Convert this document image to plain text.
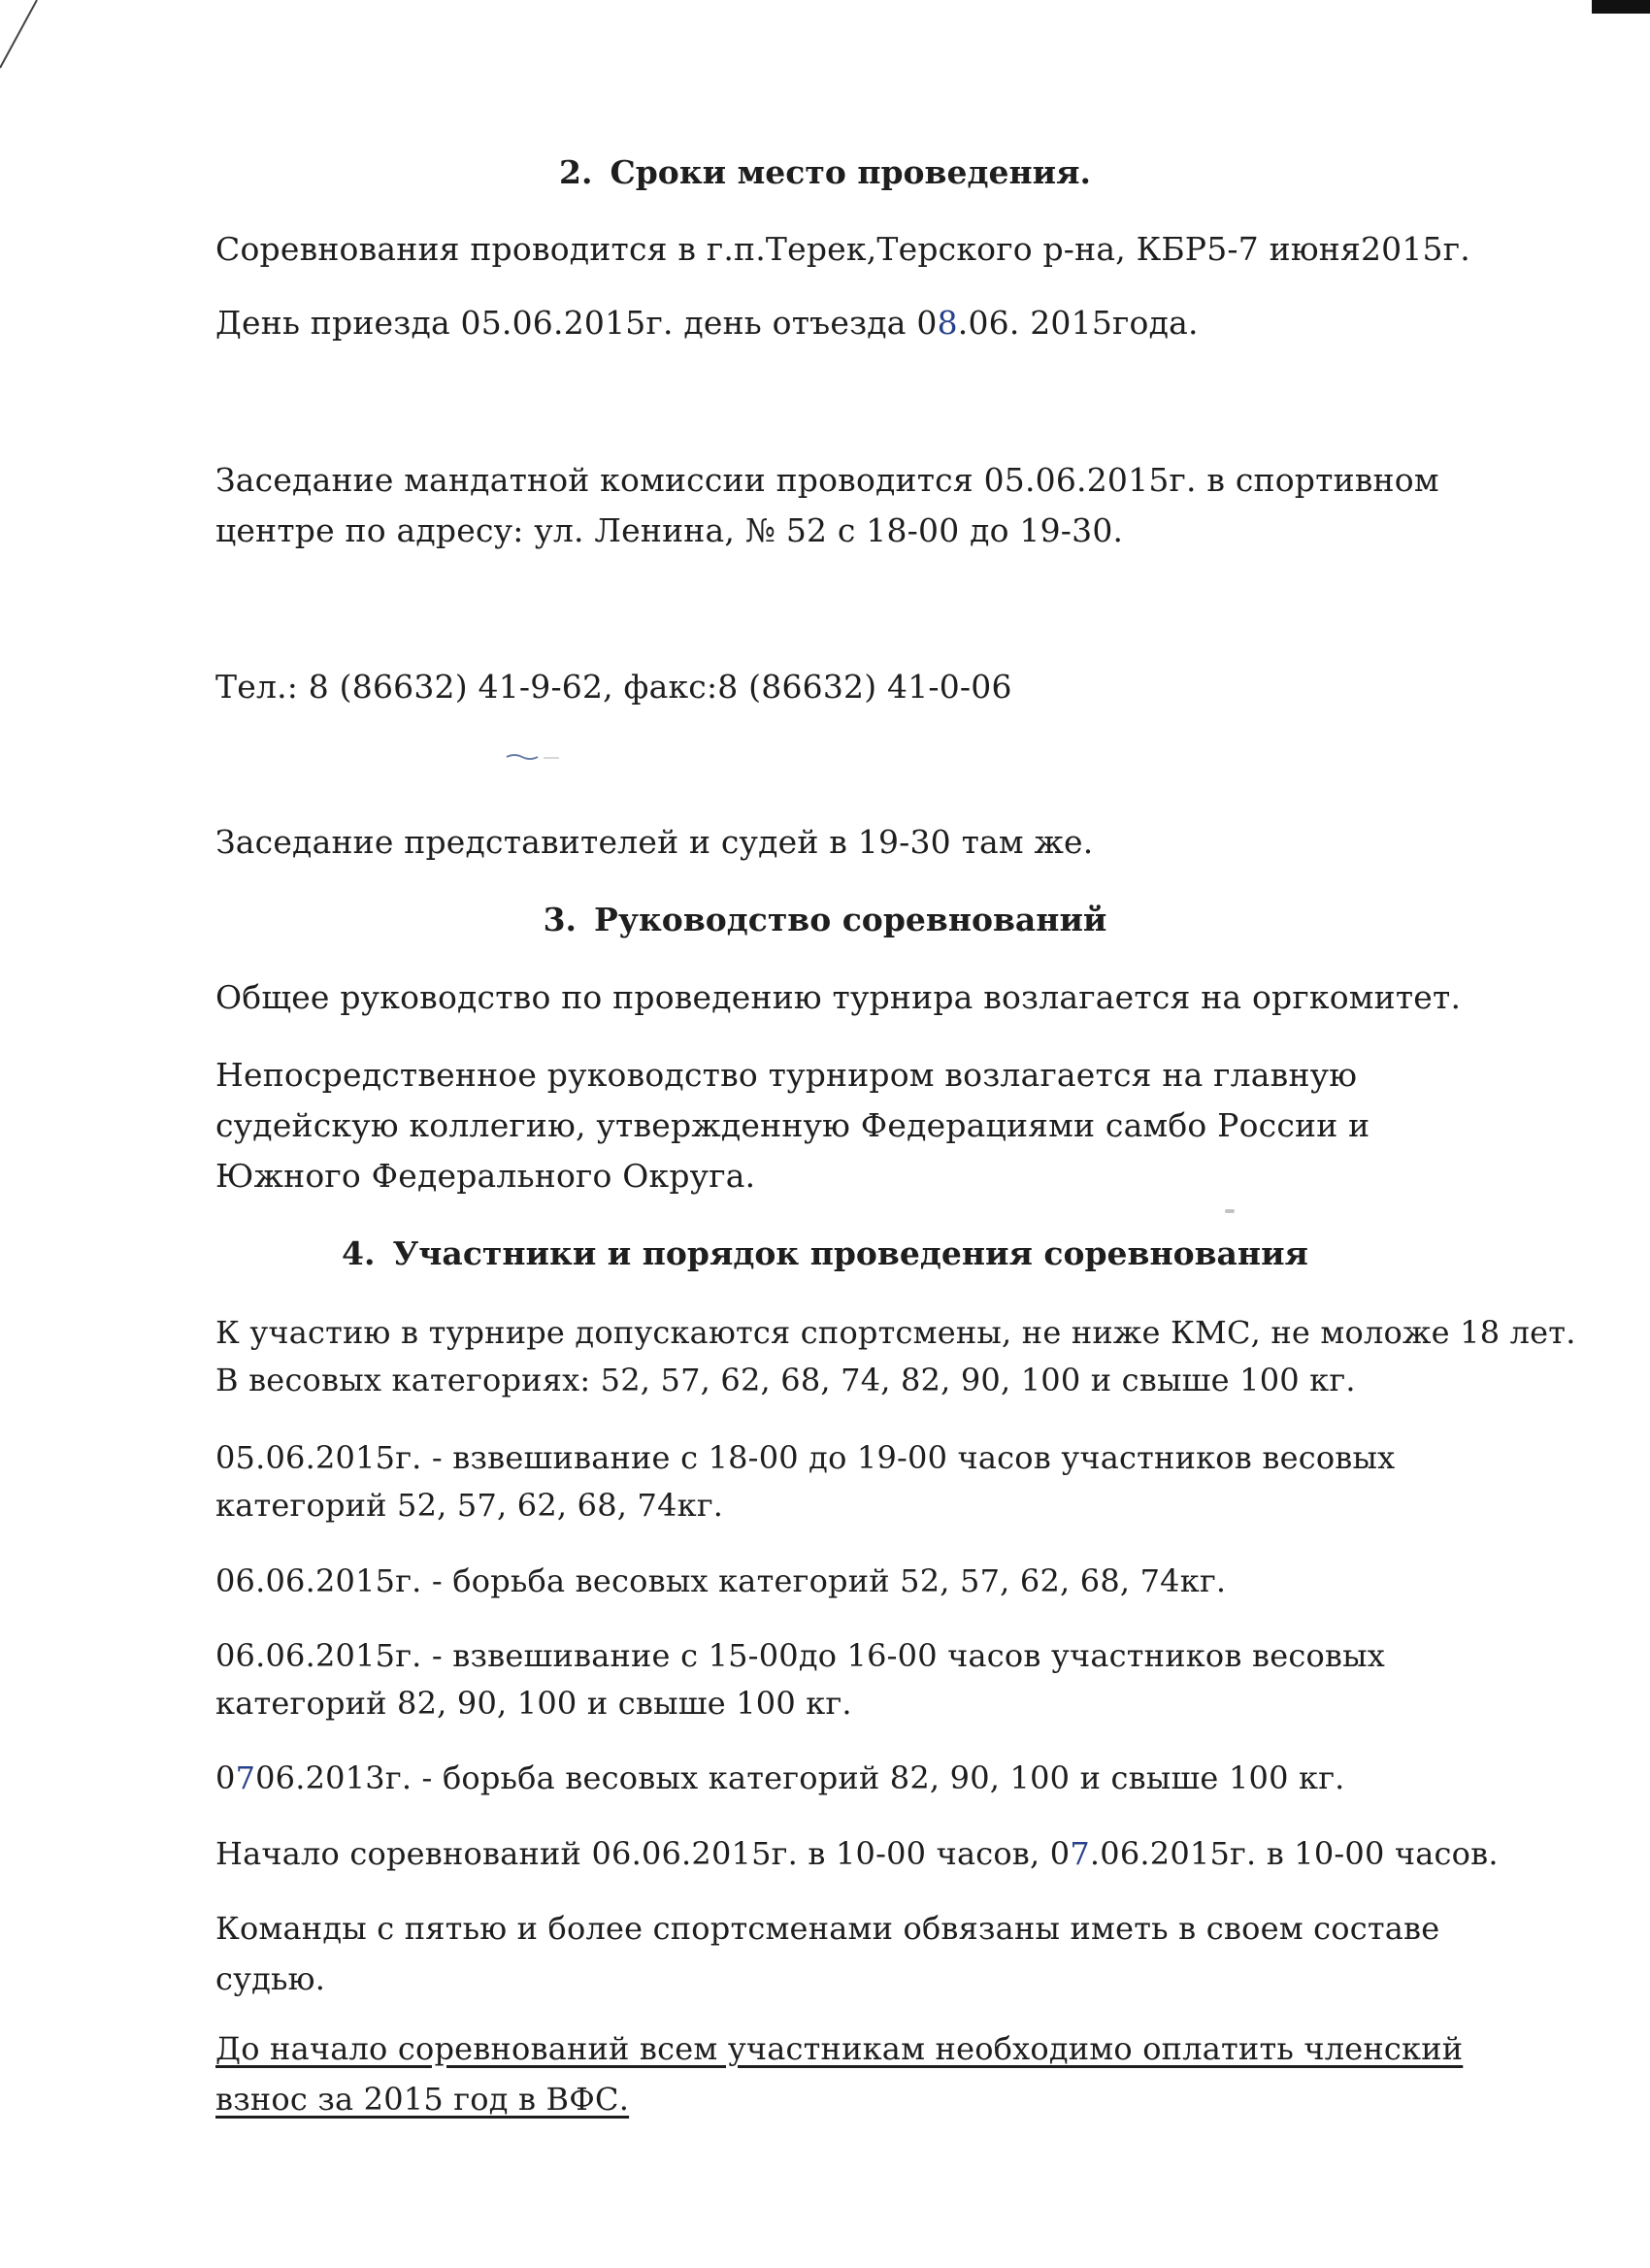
2. Сроки место проведения.
Соревнования проводится в г.п.Терек,Терского р-на, КБР5-7 июня2015г.
День приезда 05.06.2015г. день отъезда 08.06. 2015года.
Заседание мандатной комиссии проводится 05.06.2015г. в спортивном
центре по адресу: ул. Ленина, № 52 с 18-00 до 19-30.
Тел.: 8 (86632) 41-9-62, факс:8 (86632) 41-0-06
Заседание представителей и судей в 19-30 там же.
3. Руководство соревнований
Общее руководство по проведению турнира возлагается на оргкомитет.
Непосредственное руководство турниром возлагается на главную
судейскую коллегию, утвержденную Федерациями самбо России и
Южного Федерального Округа.
4. Участники и порядок проведения соревнования
К участию в турнире допускаются спортсмены, не ниже КМС, не моложе 18 лет.
В весовых категориях: 52, 57, 62, 68, 74, 82, 90, 100 и свыше 100 кг.
05.06.2015г. - взвешивание с 18-00 до 19-00 часов участников весовых
категорий 52, 57, 62, 68, 74кг.
06.06.2015г. - борьба весовых категорий 52, 57, 62, 68, 74кг.
06.06.2015г. - взвешивание с 15-00до 16-00 часов участников весовых
категорий 82, 90, 100 и свыше 100 кг.
0706.2013г. - борьба весовых категорий 82, 90, 100 и свыше 100 кг.
Начало соревнований 06.06.2015г. в 10-00 часов, 07.06.2015г. в 10-00 часов.
Команды с пятью и более спортсменами обвязаны иметь в своем составе
судью.
До начало соревнований всем участникам необходимо оплатить членский
взнос за 2015 год в ВФС.
